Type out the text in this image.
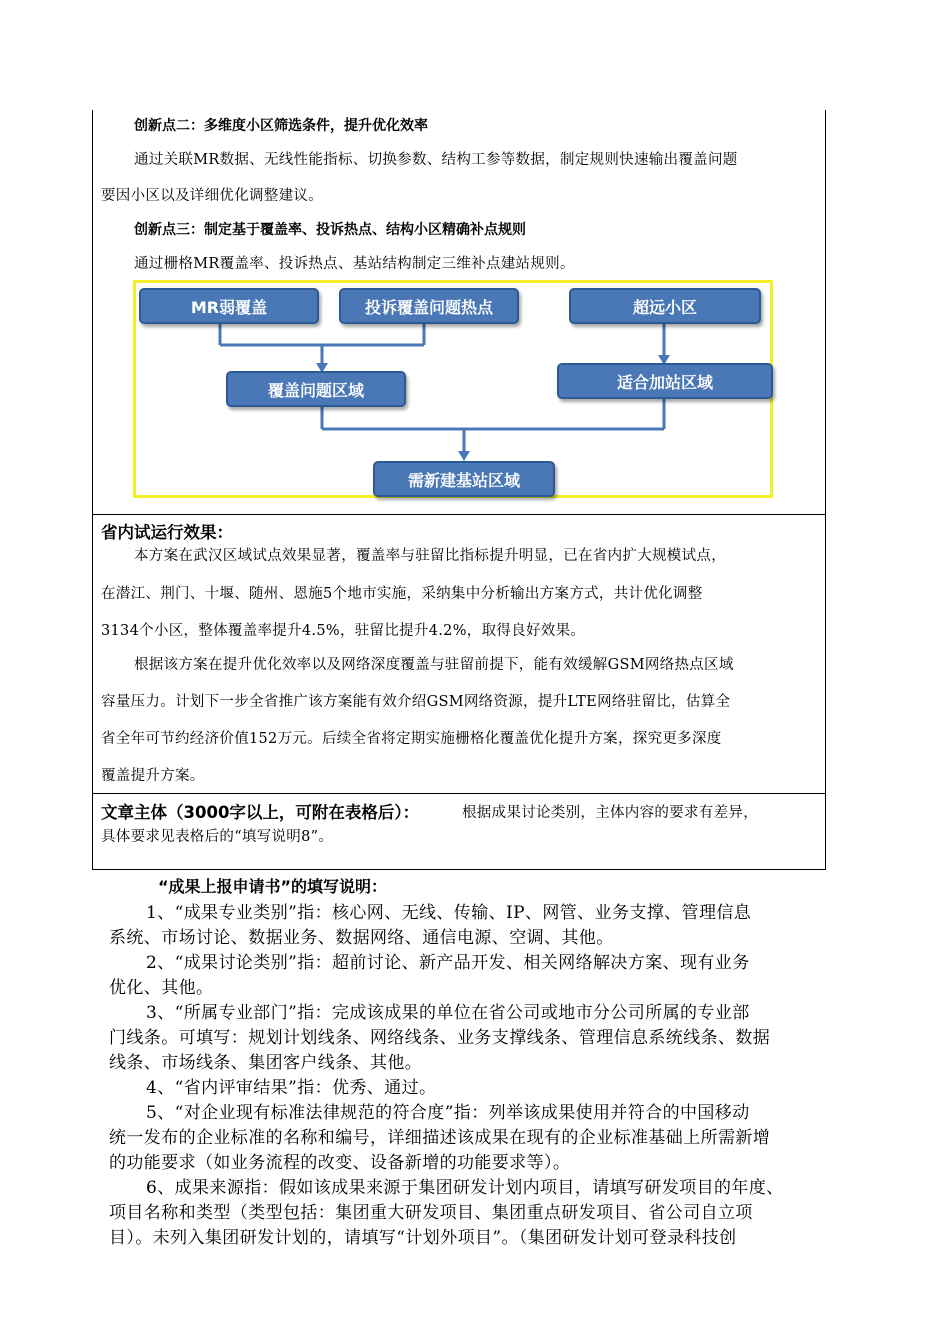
创新点二：多维度小区筛选条件，提升优化效率
通过关联MR数据、无线性能指标、切换参数、结构工参等数据，制定规则快速输出覆盖问题
要因小区以及详细优化调整建议。
创新点三：制定基于覆盖率、投诉热点、结构小区精确补点规则
通过栅格MR覆盖率、投诉热点、基站结构制定三维补点建站规则。
MR弱覆盖	投诉覆盖问题热点	超远小区
覆盖问题区域	适合加站区域
需新建基站区域
省内试运行效果：
本方案在武汉区域试点效果显著，覆盖率与驻留比指标提升明显，已在省内扩大规模试点，
在潜江、荆门、十堰、随州、恩施5个地市实施，采纳集中分析输出方案方式，共计优化调整
3134个小区，整体覆盖率提升4.5%，驻留比提升4.2%，取得良好效果。
根据该方案在提升优化效率以及网络深度覆盖与驻留前提下，能有效缓解GSM网络热点区域
容量压力。计划下一步全省推广该方案能有效介绍GSM网络资源，提升LTE网络驻留比，估算全
省全年可节约经济价值152万元。后续全省将定期实施栅格化覆盖优化提升方案，探究更多深度
覆盖提升方案。
文章主体（3000字以上，可附在表格后）：	根据成果讨论类别，主体内容的要求有差异，
具体要求见表格后的“填写说明8”。
“成果上报申请书”的填写说明：
1、“成果专业类别”指：核心网、无线、传输、IP、网管、业务支撑、管理信息
系统、市场讨论、数据业务、数据网络、通信电源、空调、其他。
2、“成果讨论类别”指：超前讨论、新产品开发、相关网络解决方案、现有业务
优化、其他。
3、“所属专业部门”指：完成该成果的单位在省公司或地市分公司所属的专业部
门线条。可填写：规划计划线条、网络线条、业务支撑线条、管理信息系统线条、数据
线条、市场线条、集团客户线条、其他。
4、“省内评审结果”指：优秀、通过。
5、“对企业现有标准法律规范的符合度”指：列举该成果使用并符合的中国移动
统一发布的企业标准的名称和编号，详细描述该成果在现有的企业标准基础上所需新增
的功能要求（如业务流程的改变、设备新增的功能要求等）。
6、成果来源指：假如该成果来源于集团研发计划内项目，请填写研发项目的年度、
项目名称和类型（类型包括：集团重大研发项目、集团重点研发项目、省公司自立项
目）。未列入集团研发计划的，请填写“计划外项目”。（集团研发计划可登录科技创
